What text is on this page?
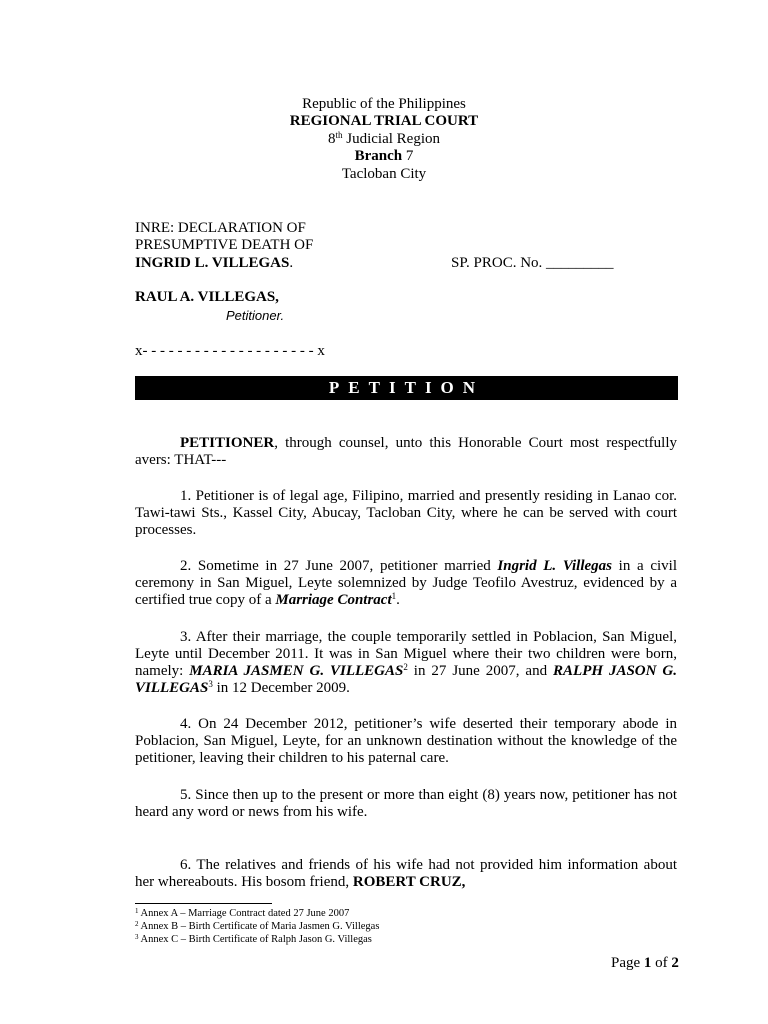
Republic of the Philippines
REGIONAL TRIAL COURT
8th Judicial Region
Branch 7
Tacloban City
INRE: DECLARATION OF
PRESUMPTIVE DEATH OF
INGRID L. VILLEGAS.	SP. PROC. No. _________
RAUL A. VILLEGAS,
Petitioner.
x- - - - - - - - - - - - - - - - - - - - x
PETITION
PETITIONER, through counsel, unto this Honorable Court most respectfully avers: THAT---
1. Petitioner is of legal age, Filipino, married and presently residing in Lanao cor. Tawi-tawi Sts., Kassel City, Abucay, Tacloban City, where he can be served with court processes.
2. Sometime in 27 June 2007, petitioner married Ingrid L. Villegas in a civil ceremony in San Miguel, Leyte solemnized by Judge Teofilo Avestruz, evidenced by a certified true copy of a Marriage Contract$^1$.
3. After their marriage, the couple temporarily settled in Poblacion, San Miguel, Leyte until December 2011. It was in San Miguel where their two children were born, namely: MARIA JASMEN G. VILLEGAS$^2$ in 27 June 2007, and RALPH JASON G. VILLEGAS$^3$ in 12 December 2009.
4. On 24 December 2012, petitioner’s wife deserted their temporary abode in Poblacion, San Miguel, Leyte, for an unknown destination without the knowledge of the petitioner, leaving their children to his paternal care.
5. Since then up to the present or more than eight (8) years now, petitioner has not heard any word or news from his wife.
6. The relatives and friends of his wife had not provided him information about her whereabouts. His bosom friend, ROBERT CRUZ,
$^1$ Annex A – Marriage Contract dated 27 June 2007
$^2$ Annex B – Birth Certificate of Maria Jasmen G. Villegas
$^3$ Annex C – Birth Certificate of Ralph Jason G. Villegas
Page 1 of 2
